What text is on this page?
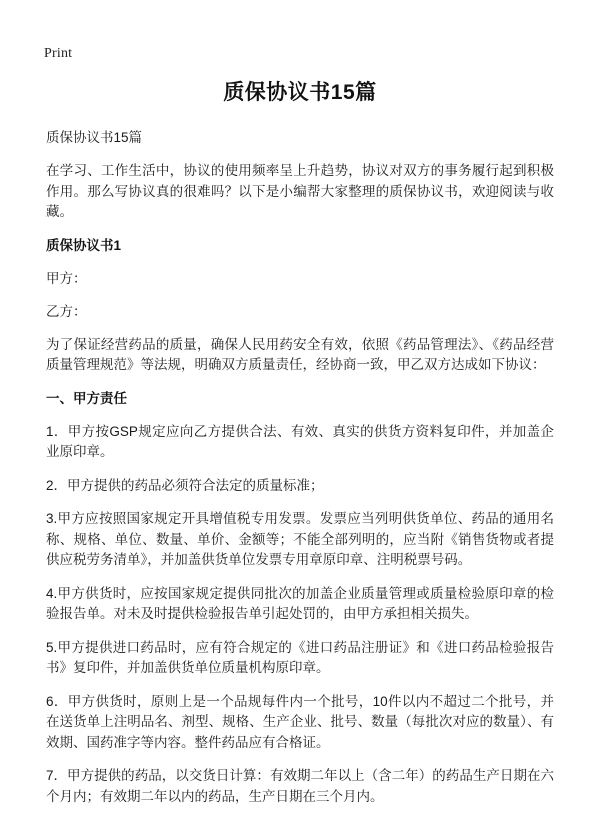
Print
质保协议书15篇
质保协议书15篇

在学习、工作生活中，协议的使用频率呈上升趋势，协议对双方的事务履行起到积极作用。那么写协议真的很难吗？以下是小编帮大家整理的质保协议书，欢迎阅读与收藏。

质保协议书1
甲方：
乙方：

为了保证经营药品的质量，确保人民用药安全有效，依照《药品管理法》、《药品经营质量管理规范》等法规，明确双方质量责任，经协商一致，甲乙双方达成如下协议：

一、甲方责任

1．甲方按GSP规定应向乙方提供合法、有效、真实的供货方资料复印件，并加盖企业原印章。

2．甲方提供的药品必须符合法定的质量标准；

3.甲方应按照国家规定开具增值税专用发票。发票应当列明供货单位、药品的通用名称、规格、单位、数量、单价、金额等；不能全部列明的，应当附《销售货物或者提供应税劳务清单》，并加盖供货单位发票专用章原印章、注明税票号码。

4.甲方供货时，应按国家规定提供同批次的加盖企业质量管理或质量检验原印章的检验报告单。对未及时提供检验报告单引起处罚的，由甲方承担相关损失。

5.甲方提供进口药品时，应有符合规定的《进口药品注册证》和《进口药品检验报告书》复印件，并加盖供货单位质量机构原印章。

6．甲方供货时，原则上是一个品规每件内一个批号，10件以内不超过二个批号，并在送货单上注明品名、剂型、规格、生产企业、批号、数量（每批次对应的数量）、有效期、国药准字等内容。整件药品应有合格证。

7．甲方提供的药品，以交货日计算：有效期二年以上（含二年）的药品生产日期在六个月内；有效期二年以内的药品，生产日期在三个月内。
